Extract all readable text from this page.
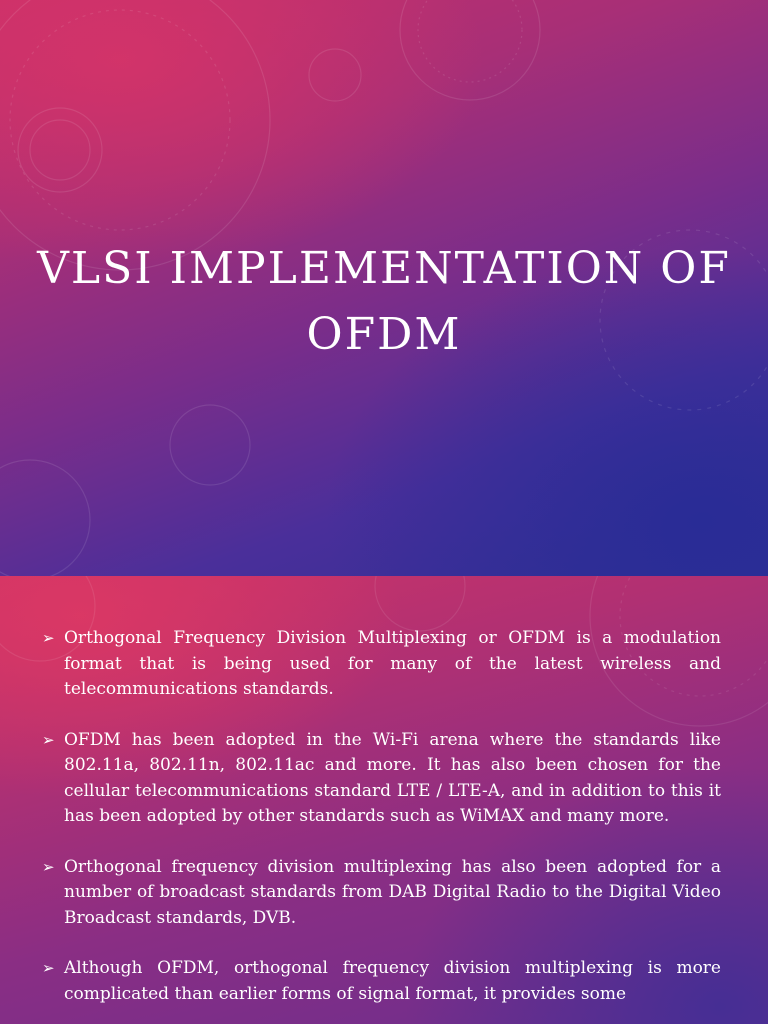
VLSI IMPLEMENTATION OF
OFDM
➢ Orthogonal Frequency Division Multiplexing or OFDM is a modulation format that is being used for many of the latest wireless and telecommunications standards.
➢ OFDM has been adopted in the Wi-Fi arena where the standards like 802.11a, 802.11n, 802.11ac and more. It has also been chosen for the cellular telecommunications standard LTE / LTE-A, and in addition to this it has been adopted by other standards such as WiMAX and many more.
➢ Orthogonal frequency division multiplexing has also been adopted for a number of broadcast standards from DAB Digital Radio to the Digital Video Broadcast standards, DVB.
➢ Although OFDM, orthogonal frequency division multiplexing is more complicated than earlier forms of signal format, it provides some
